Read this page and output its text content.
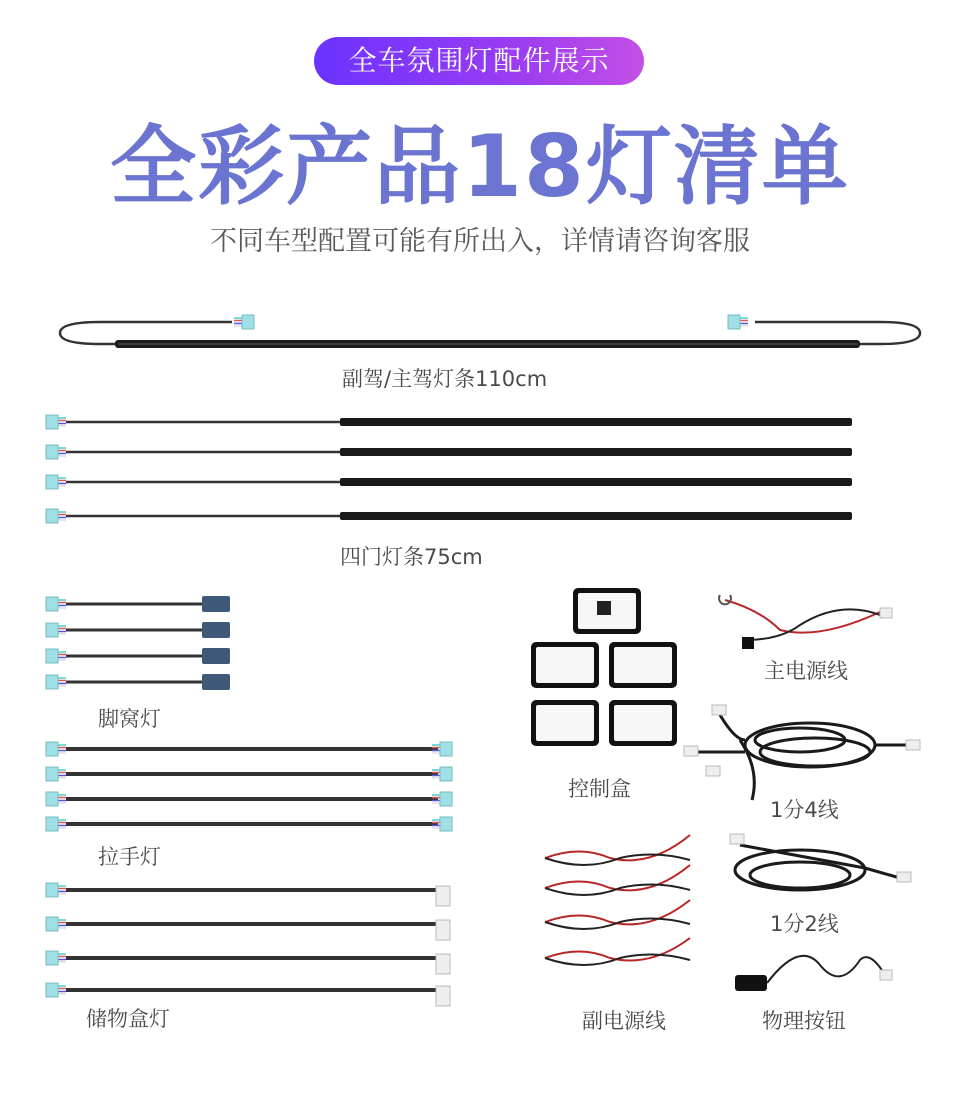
全车氛围灯配件展示
全彩产品18灯清单
不同车型配置可能有所出入，详情请咨询客服
副驾/主驾灯条110cm
四门灯条75cm
脚窝灯
拉手灯
储物盒灯
控制盒
主电源线
1分4线
1分2线
副电源线	物理按钮
